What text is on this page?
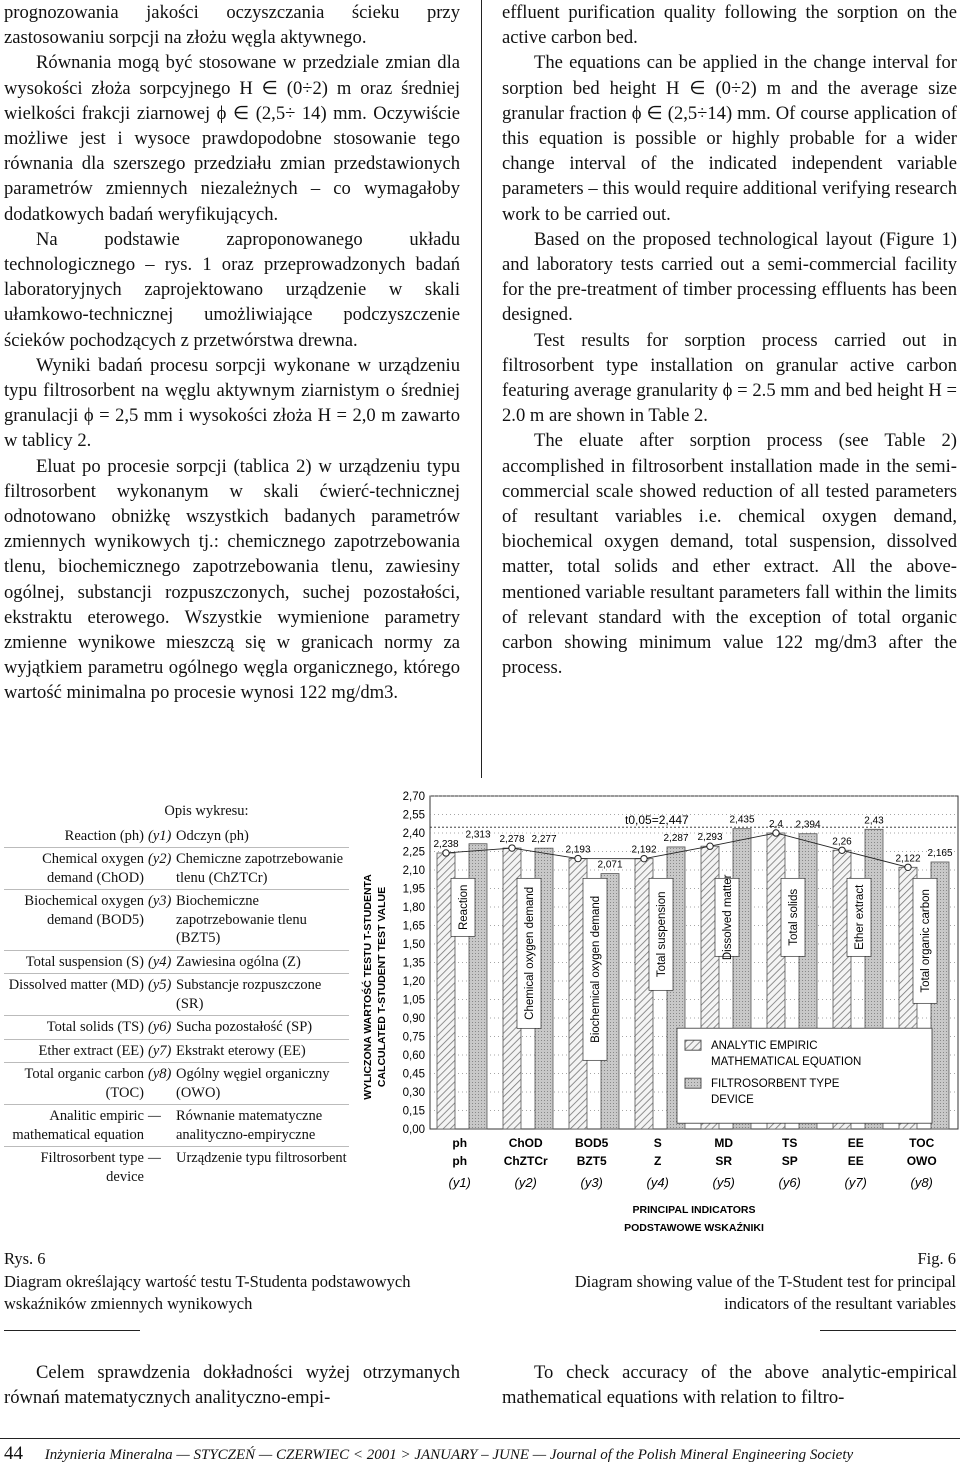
prognozowania jakości oczyszczania ścieku przy zastosowaniu sorpcji na złożu węgla aktywnego.

Równania mogą być stosowane w przedziale zmian dla wysokości złoża sorpcyjnego H ∈ (0÷2) m oraz średniej wielkości frakcji ziarnowej ϕ ∈ (2,5÷ 14) mm. Oczywiście możliwe jest i wysoce prawdopodobne stosowanie tego równania dla szerszego przedziału zmian przedstawionych parametrów zmiennych niezależnych – co wymagałoby dodatkowych badań weryfikujących.

Na podstawie zaproponowanego układu technologicznego – rys. 1 oraz przeprowadzonych badań laboratoryjnych zaprojektowano urządzenie w skali ułamkowo-technicznej umożliwiające podczyszczenie ścieków pochodzących z przetwórstwa drewna.

Wyniki badań procesu sorpcji wykonane w urządzeniu typu filtrosorbent na węglu aktywnym ziarnistym o średniej granulacji ϕ = 2,5 mm i wysokości złoża H = 2,0 m zawarto w tablicy 2.

Eluat po procesie sorpcji (tablica 2) w urządzeniu typu filtrosorbent wykonanym w skali ćwierć-technicznej odnotowano obniżkę wszystkich badanych parametrów zmiennych wynikowych tj.: chemicznego zapotrzebowania tlenu, biochemicznego zapotrzebowania tlenu, zawiesiny ogólnej, substancji rozpuszczonych, suchej pozostałości, ekstraktu eterowego. Wszystkie wymienione parametry zmienne wynikowe mieszczą się w granicach normy za wyjątkiem parametru ogólnego węgla organicznego, którego wartość minimalna po procesie wynosi 122 mg/dm3.

effluent purification quality following the sorption on the active carbon bed.

The equations can be applied in the change interval for sorption bed height H ∈ (0÷2) m and the average size granular fraction ϕ ∈ (2,5÷14) mm. Of course application of this equation is possible or highly probable for a wider change interval of the indicated independent variable parameters – this would require additional verifying research work to be carried out.

Based on the proposed technological layout (Figure 1) and laboratory tests carried out a semi-commercial facility for the pre-treatment of timber processing effluents has been designed.

Test results for sorption process carried out in filtrosorbent type installation on granular active carbon featuring average granularity ϕ = 2.5 mm and bed height H = 2.0 m are shown in Table 2.

The eluate after sorption process (see Table 2) accomplished in filtrosorbent installation made in the semi-commercial scale showed reduction of all tested parameters of resultant variables i.e. chemical oxygen demand, biochemical oxygen demand, total suspension, dissolved matter, total solids and ether extract. All the above-mentioned variable resultant parameters fall within the limits of relevant standard with the exception of total organic carbon showing minimum value 122 mg/dm3 after the process.

Opis wykresu:
Reaction (ph)	(y1)	Odczyn (ph)
Chemical oxygen demand (ChOD)	(y2)	Chemiczne zapotrzebowanie tlenu (ChZTCr)
Biochemical oxygen demand (BOD5)	(y3)	Biochemiczne zapotrzebowanie tlenu (BZT5)
Total suspension (S)	(y4)	Zawiesina ogólna (Z)
Dissolved matter (MD)	(y5)	Substancje rozpuszczone (SR)
Total solids (TS)	(y6)	Sucha pozostałość (SP)
Ether extract (EE)	(y7)	Ekstrakt eterowy (EE)
Total organic carbon (TOC)	(y8)	Ogólny węgiel organiczny (OWO)
Analitic empiric mathematical equation	—	Równanie matematyczne analityczno-empiryczne
Filtrosorbent type device	—	Urządzenie typu filtrosorbent
WYLICZONA WARTOŚĆ TESTU T-STUDENTA CALCULATED T-STUDENT TEST VALUE
0,00
0,15
0,30
0,45
0,60
0,75
0,90
1,05
1,20
1,35
1,50
1,65
1,80
1,95
2,10
2,25
2,40
2,55
2,70
2,238
2,313
Reaction
2,278 2,277
Chemical oxygen demand
2,193
2,071
Biochemical oxygen demand
2,192
2,287
Total suspension
2,293
2,435
Dissolved matter
2,4 2,394
Total solids
2,26
2,43
Ether extract
2,122 2,165
Total organic carbon
t0,05=2,447
ANALYTIC EMPIRIC
MATHEMATICAL EQUATION
FILTROSORBENT TYPE
DEVICE
ph
ph
(y1)
ChOD
ChZTCr
(y2)
BOD5
BZT5
(y3)
S
Z
(y4)
MD
SR
(y5)
TS
SP
(y6)
EE
EE
(y7)
TOC
OWO
(y8)
PRINCIPAL INDICATORS
PODSTAWOWE WSKAŹNIKI
Rys. 6
Diagram określający wartość testu T-Studenta podstawowych wskaźników zmiennych wynikowych
Fig. 6
Diagram showing value of the T-Student test for principal indicators of the resultant variables

Celem sprawdzenia dokładności wyżej otrzymanych równań matematycznych analityczno-empi-

To check accuracy of the above analytic-empirical mathematical equations with relation to filtro-

44 Inżynieria Mineralna — STYCZEŃ — CZERWIEC < 2001 > JANUARY – JUNE — Journal of the Polish Mineral Engineering Society
